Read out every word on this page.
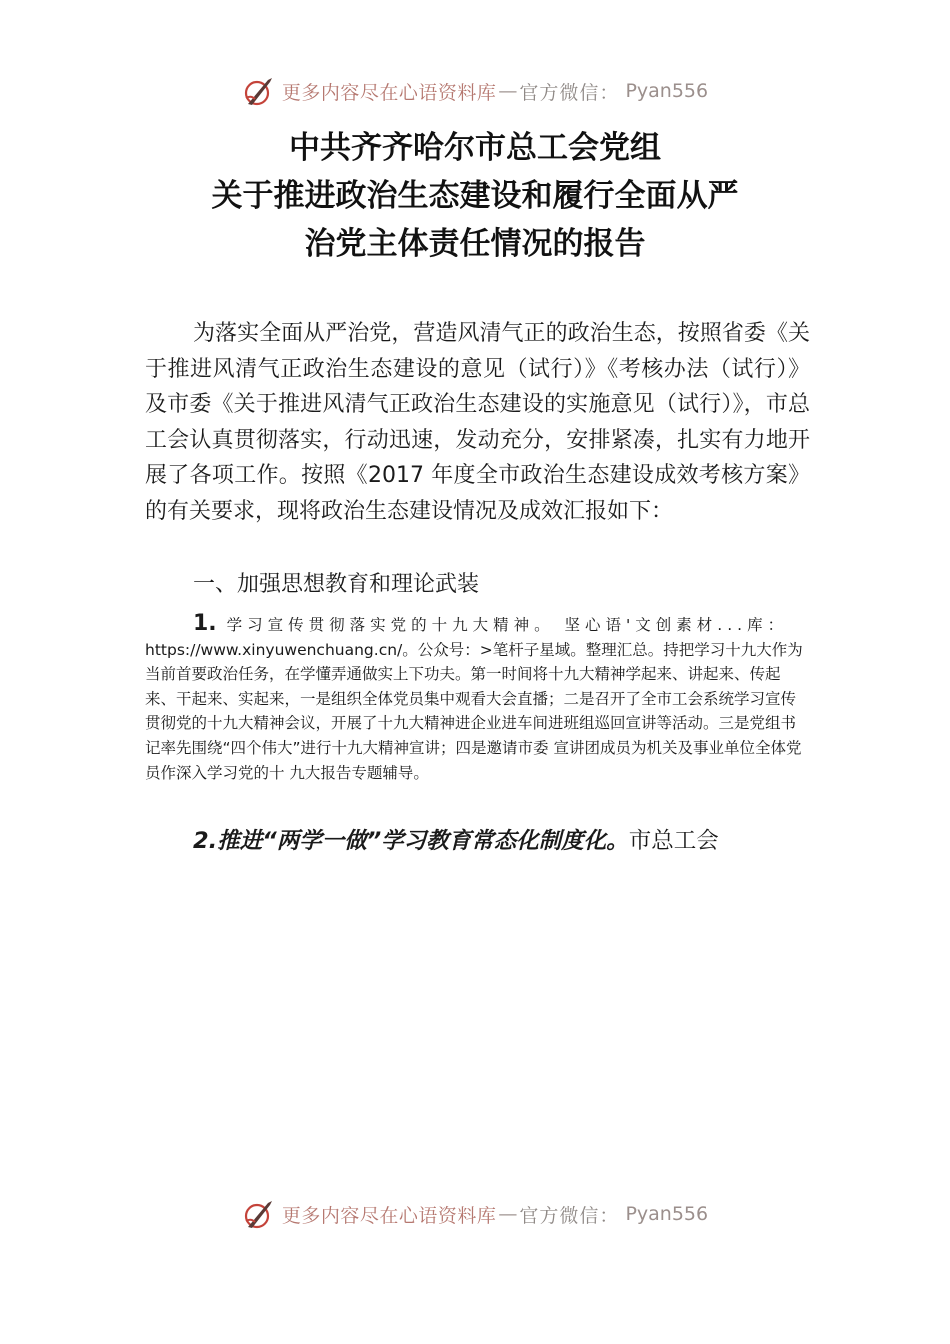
更多内容尽在心语资料库 — 官方微信： Pyan556
中共齐齐哈尔市总工会党组
关于推进政治生态建设和履行全面从严
治党主体责任情况的报告
为落实全面从严治党，营造风清气正的政治生态，按照省委《关于推进风清气正政治生态建设的意见（试行）》《考核办法（试行）》及市委《关于推进风清气正政治生态建设的实施意见（试行）》，市总工会认真贯彻落实，行动迅速，发动充分，安排紧凑，扎实有力地开展了各项工作。按照《2017 年度全市政治生态建设成效考核方案》的有关要求，现将政治生态建设情况及成效汇报如下：
一、加强思想教育和理论武装
1. 学习宣传贯彻落实党的十九大精神。 坚心语'文创素材...库：
https://www.xinyuwenchuang.cn/。公众号：>笔杆子星域。整理汇总。持把学习十九大作为当前首要政治任务，在学懂弄通做实上下功夫。第一时间将十九大精神学起来、讲起来、传起来、干起来、实起来，一是组织全体党员集中观看大会直播；二是召开了全市工会系统学习宣传贯彻党的十九大精神会议，开展了十九大精神进企业进车间进班组巡回宣讲等活动。三是党组书记率先围绕“四个伟大”进行十九大精神宣讲；四是邀请市委 宣讲团成员为机关及事业单位全体党员作深入学习党的十 九大报告专题辅导。
2.推进“两学一做”学习教育常态化制度化。市总工会
更多内容尽在心语资料库 — 官方微信： Pyan556
